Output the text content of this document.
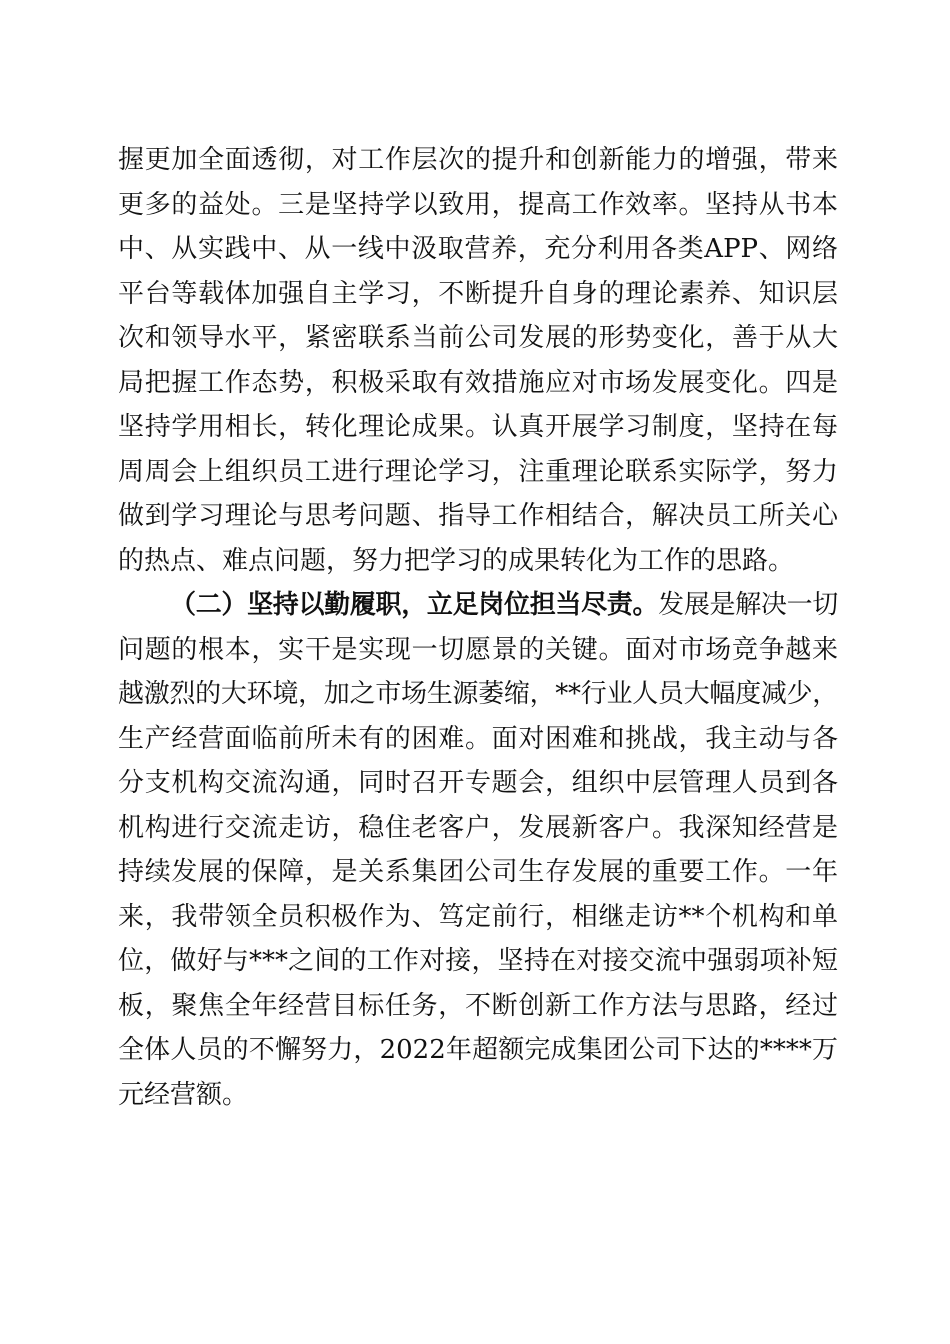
握更加全面透彻，对工作层次的提升和创新能力的增强，带来
更多的益处。三是坚持学以致用，提高工作效率。坚持从书本
中、从实践中、从一线中汲取营养，充分利用各类APP、网络
平台等载体加强自主学习，不断提升自身的理论素养、知识层
次和领导水平，紧密联系当前公司发展的形势变化，善于从大
局把握工作态势，积极采取有效措施应对市场发展变化。四是
坚持学用相长，转化理论成果。认真开展学习制度，坚持在每
周周会上组织员工进行理论学习，注重理论联系实际学，努力
做到学习理论与思考问题、指导工作相结合，解决员工所关心
的热点、难点问题，努力把学习的成果转化为工作的思路。
（二）坚持以勤履职，立足岗位担当尽责。发展是解决一切
问题的根本，实干是实现一切愿景的关键。面对市场竞争越来
越激烈的大环境，加之市场生源萎缩，**行业人员大幅度减少，
生产经营面临前所未有的困难。面对困难和挑战，我主动与各
分支机构交流沟通，同时召开专题会，组织中层管理人员到各
机构进行交流走访，稳住老客户，发展新客户。我深知经营是
持续发展的保障，是关系集团公司生存发展的重要工作。一年
来，我带领全员积极作为、笃定前行，相继走访**个机构和单
位，做好与***之间的工作对接，坚持在对接交流中强弱项补短
板，聚焦全年经营目标任务，不断创新工作方法与思路，经过
全体人员的不懈努力，2022年超额完成集团公司下达的****万
元经营额。
